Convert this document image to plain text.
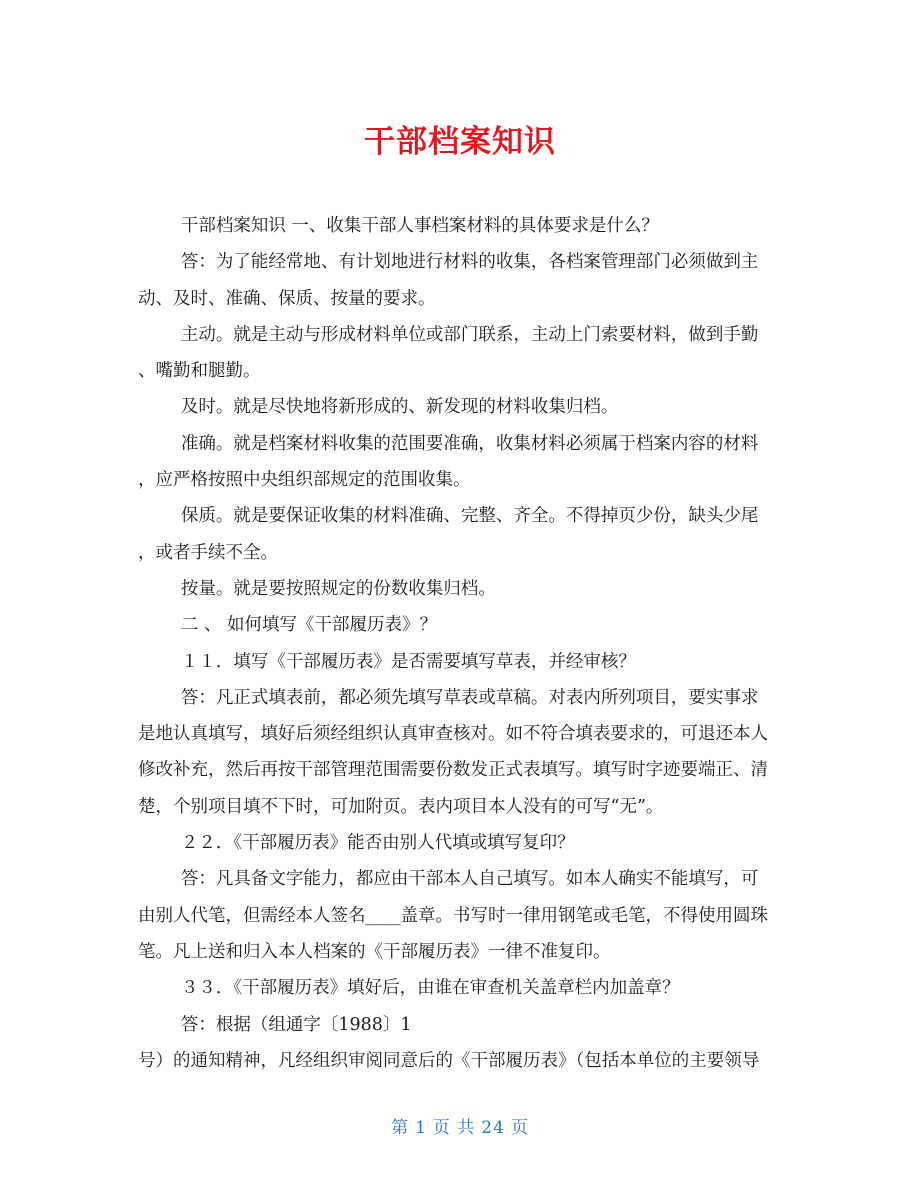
干部档案知识

干部档案知识 一、收集干部人事档案材料的具体要求是什么？

答：为了能经常地、有计划地进行材料的收集，各档案管理部门必须做到主

动、及时、准确、保质、按量的要求。

主动。就是主动与形成材料单位或部门联系，主动上门索要材料，做到手勤

、嘴勤和腿勤。

及时。就是尽快地将新形成的、新发现的材料收集归档。

准确。就是档案材料收集的范围要准确，收集材料必须属于档案内容的材料

，应严格按照中央组织部规定的范围收集。

保质。就是要保证收集的材料准确、完整、齐全。不得掉页少份，缺头少尾

，或者手续不全。

按量。就是要按照规定的份数收集归档。

二 、 如何填写《干部履历表》？

１１．填写《干部履历表》是否需要填写草表，并经审核？

答：凡正式填表前，都必须先填写草表或草稿。对表内所列项目，要实事求

是地认真填写，填好后须经组织认真审查核对。如不符合填表要求的，可退还本人

修改补充，然后再按干部管理范围需要份数发正式表填写。填写时字迹要端正、清

楚，个别项目填不下时，可加附页。表内项目本人没有的可写“无”。

２２．《干部履历表》能否由别人代填或填写复印？

答：凡具备文字能力，都应由干部本人自己填写。如本人确实不能填写，可

由别人代笔，但需经本人签名____盖章。书写时一律用钢笔或毛笔，不得使用圆珠

笔。凡上送和归入本人档案的《干部履历表》一律不准复印。

３３．《干部履历表》填好后，由谁在审查机关盖章栏内加盖章？

答：根据（组通字〔1988〕1

号）的通知精神，凡经组织审阅同意后的《干部履历表》（包括本单位的主要领导

第 1 页 共 24 页
